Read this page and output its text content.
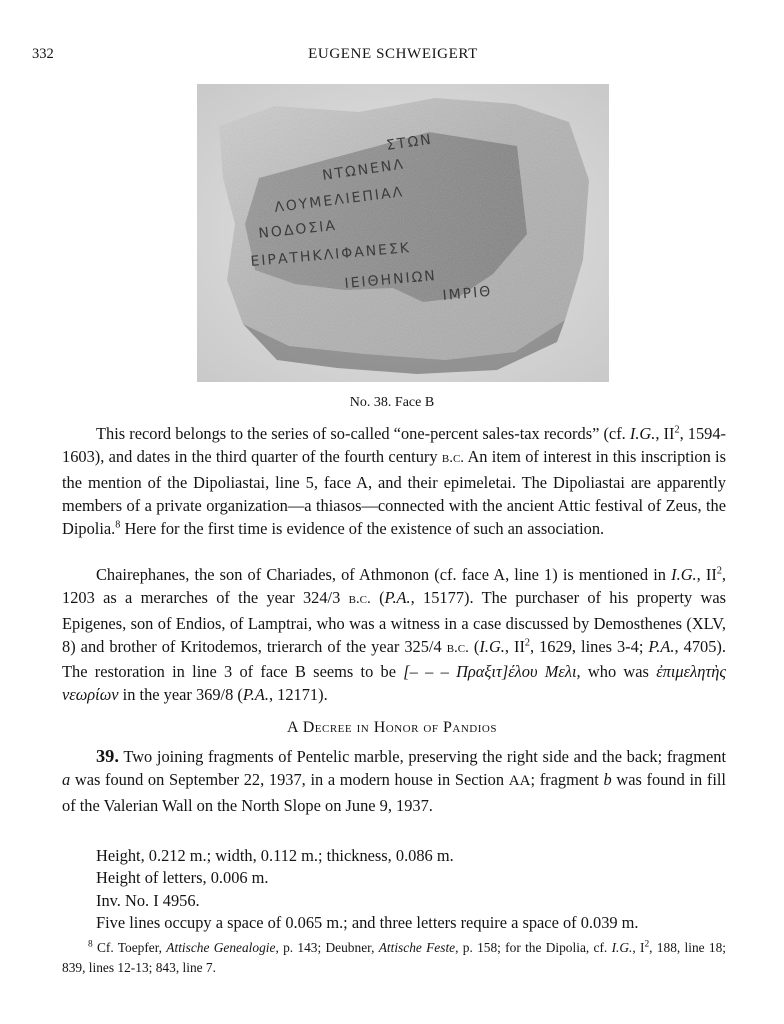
332	EUGENE SCHWEIGERT
ΣΤΩΝ
ΝΤΩΝΕΝΛ
ΛΟΥΜΕΛΙΕΠΙΑΛ
ΝΟΔΟΣΙΑ
ΕΙΡΑΤΗΚΛΙΦΑΝΕΣΚ
ΙΕΙΘΗΝΙΩΝ
ΙΜΡΙΘ
No. 38. Face B

This record belongs to the series of so-called “one-percent sales-tax records” (cf. I.G., $II^2$, 1594-1603), and dates in the third quarter of the fourth century b.c. An item of interest in this inscription is the mention of the Dipoliastai, line 5, face A, and their epimeletai. The Dipoliastai are apparently members of a private organization—a thiasos—connected with the ancient Attic festival of Zeus, the Dipolia.$^8$ Here for the first time is evidence of the existence of such an association.

Chairephanes, the son of Chariades, of Athmonon (cf. face A, line 1) is mentioned in I.G., $II^2$, 1203 as a merarches of the year 324/3 b.c. (P.A., 15177). The purchaser of his property was Epigenes, son of Endios, of Lamptrai, who was a witness in a case discussed by Demosthenes (XLV, 8) and brother of Kritodemos, trierarch of the year 325/4 b.c. (I.G., $II^2$, 1629, lines 3-4; P.A., 4705). The restoration in line 3 of face B seems to be [– – – Πραξιτ]έλου Μελι, who was ἐπιμελητὴς νεωρίων in the year 369/8 (P.A., 12171).

A Decree in Honor of Pandios

39. Two joining fragments of Pentelic marble, preserving the right side and the back; fragment a was found on September 22, 1937, in a modern house in Section AA; fragment b was found in fill of the Valerian Wall on the North Slope on June 9, 1937.

Height, 0.212 m.; width, 0.112 m.; thickness, 0.086 m.
Height of letters, 0.006 m.
Inv. No. I 4956.
Five lines occupy a space of 0.065 m.; and three letters require a space of 0.039 m.

$^8$ Cf. Toepfer, Attische Genealogie, p. 143; Deubner, Attische Feste, p. 158; for the Dipolia, cf. I.G., I$^2$, 188, line 18; 839, lines 12-13; 843, line 7.
